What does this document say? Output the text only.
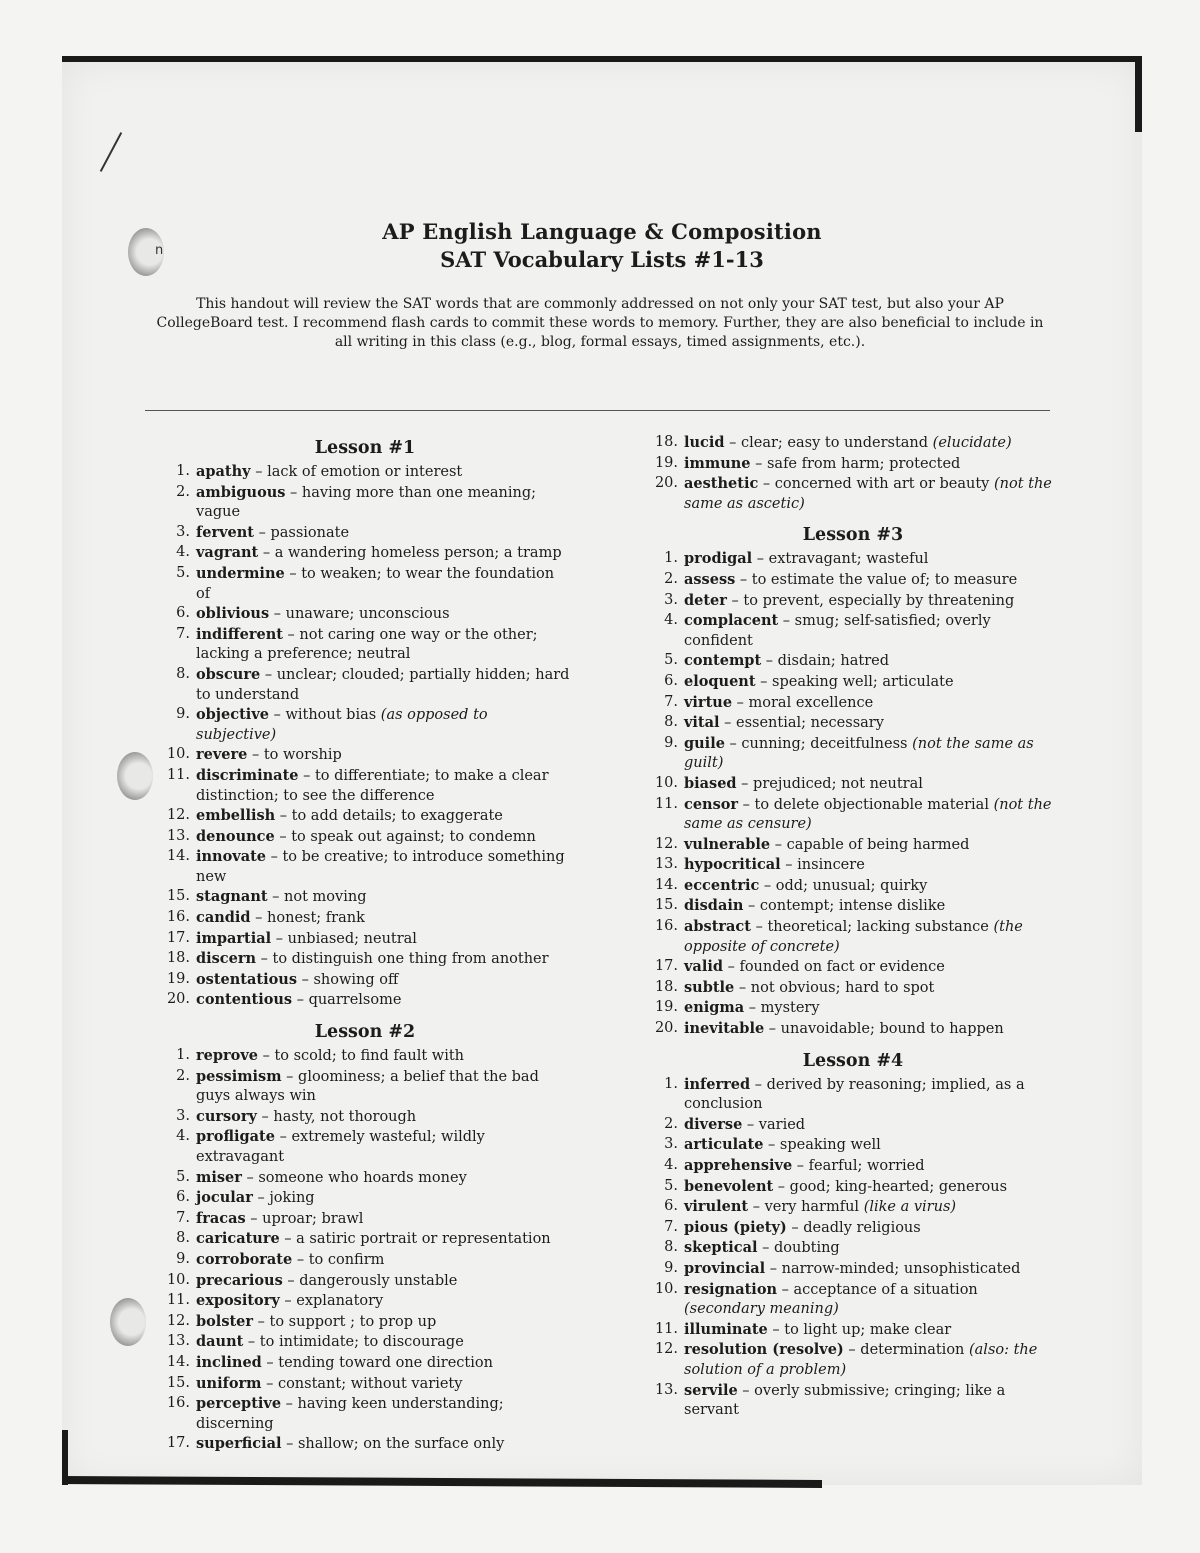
n

AP English Language & Composition

SAT Vocabulary Lists #1-13

This handout will review the SAT words that are commonly addressed on not only your SAT test, but also your AP CollegeBoard test. I recommend flash cards to commit these words to memory. Further, they are also beneficial to include in all writing in this class (e.g., blog, formal essays, timed assignments, etc.).
Lesson #1
1. apathy – lack of emotion or interest
2. ambiguous – having more than one meaning; vague
3. fervent – passionate
4. vagrant – a wandering homeless person; a tramp
5. undermine – to weaken; to wear the foundation of
6. oblivious – unaware; unconscious
7. indifferent – not caring one way or the other; lacking a preference; neutral
8. obscure – unclear; clouded; partially hidden; hard to understand
9. objective – without bias (as opposed to subjective)
10. revere – to worship
11. discriminate – to differentiate; to make a clear distinction; to see the difference
12. embellish – to add details; to exaggerate
13. denounce – to speak out against; to condemn
14. innovate – to be creative; to introduce something new
15. stagnant – not moving
16. candid – honest; frank
17. impartial – unbiased; neutral
18. discern – to distinguish one thing from another
19. ostentatious – showing off
20. contentious – quarrelsome
Lesson #2
1. reprove – to scold; to find fault with
2. pessimism – gloominess; a belief that the bad guys always win
3. cursory – hasty, not thorough
4. profligate – extremely wasteful; wildly extravagant
5. miser – someone who hoards money
6. jocular – joking
7. fracas – uproar; brawl
8. caricature – a satiric portrait or representation
9. corroborate – to confirm
10. precarious – dangerously unstable
11. expository – explanatory
12. bolster – to support ; to prop up
13. daunt – to intimidate; to discourage
14. inclined – tending toward one direction
15. uniform – constant; without variety
16. perceptive – having keen understanding; discerning
17. superficial – shallow; on the surface only
18. lucid – clear; easy to understand (elucidate)
19. immune – safe from harm; protected
20. aesthetic – concerned with art or beauty (not the same as ascetic)
Lesson #3
1. prodigal – extravagant; wasteful
2. assess – to estimate the value of; to measure
3. deter – to prevent, especially by threatening
4. complacent – smug; self-satisfied; overly confident
5. contempt – disdain; hatred
6. eloquent – speaking well; articulate
7. virtue – moral excellence
8. vital – essential; necessary
9. guile – cunning; deceitfulness (not the same as guilt)
10. biased – prejudiced; not neutral
11. censor – to delete objectionable material (not the same as censure)
12. vulnerable – capable of being harmed
13. hypocritical – insincere
14. eccentric – odd; unusual; quirky
15. disdain – contempt; intense dislike
16. abstract – theoretical; lacking substance (the opposite of concrete)
17. valid – founded on fact or evidence
18. subtle – not obvious; hard to spot
19. enigma – mystery
20. inevitable – unavoidable; bound to happen
Lesson #4
1. inferred – derived by reasoning; implied, as a conclusion
2. diverse – varied
3. articulate – speaking well
4. apprehensive – fearful; worried
5. benevolent – good; king-hearted; generous
6. virulent – very harmful (like a virus)
7. pious (piety) – deadly religious
8. skeptical – doubting
9. provincial – narrow-minded; unsophisticated
10. resignation – acceptance of a situation (secondary meaning)
11. illuminate – to light up; make clear
12. resolution (resolve) – determination (also: the solution of a problem)
13. servile – overly submissive; cringing; like a servant
